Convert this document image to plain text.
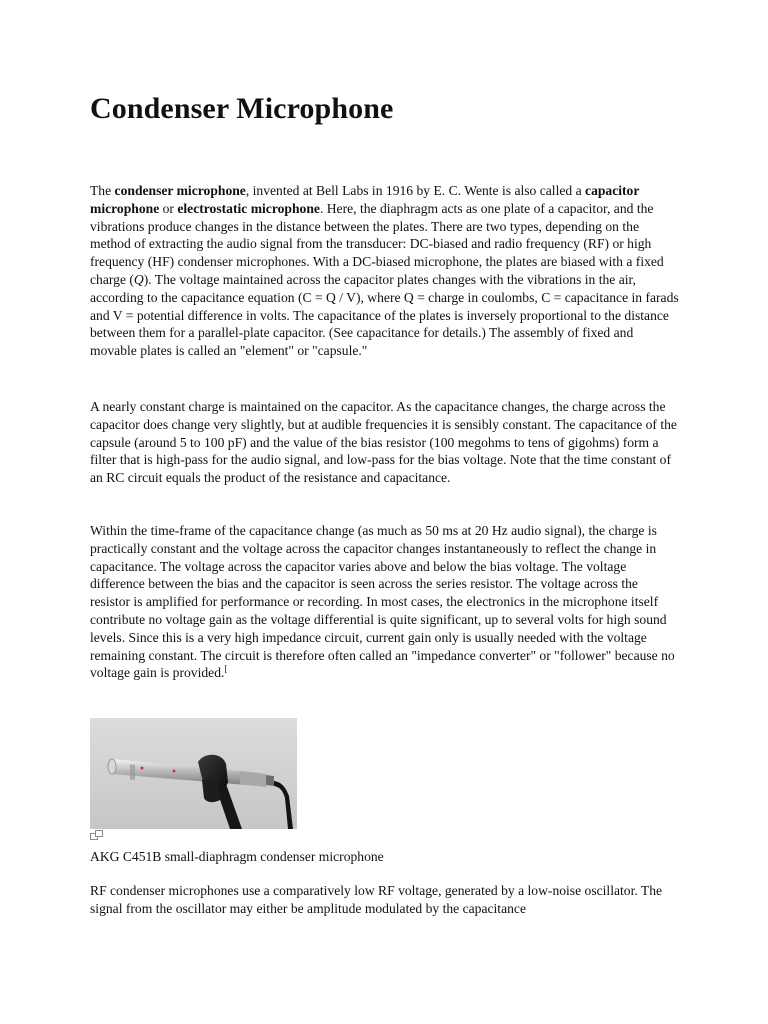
Condenser Microphone

The condenser microphone, invented at Bell Labs in 1916 by E. C. Wente is also called a capacitor microphone or electrostatic microphone. Here, the diaphragm acts as one plate of a capacitor, and the vibrations produce changes in the distance between the plates. There are two types, depending on the method of extracting the audio signal from the transducer: DC-biased and radio frequency (RF) or high frequency (HF) condenser microphones. With a DC-biased microphone, the plates are biased with a fixed charge (Q). The voltage maintained across the capacitor plates changes with the vibrations in the air, according to the capacitance equation (C = Q / V), where Q = charge in coulombs, C = capacitance in farads and V = potential difference in volts. The capacitance of the plates is inversely proportional to the distance between them for a parallel-plate capacitor. (See capacitance for details.) The assembly of fixed and movable plates is called an "element" or "capsule."

A nearly constant charge is maintained on the capacitor. As the capacitance changes, the charge across the capacitor does change very slightly, but at audible frequencies it is sensibly constant. The capacitance of the capsule (around 5 to 100 pF) and the value of the bias resistor (100 megohms to tens of gigohms) form a filter that is high-pass for the audio signal, and low-pass for the bias voltage. Note that the time constant of an RC circuit equals the product of the resistance and capacitance.

Within the time-frame of the capacitance change (as much as 50 ms at 20 Hz audio signal), the charge is practically constant and the voltage across the capacitor changes instantaneously to reflect the change in capacitance. The voltage across the capacitor varies above and below the bias voltage. The voltage difference between the bias and the capacitor is seen across the series resistor. The voltage across the resistor is amplified for performance or recording. In most cases, the electronics in the microphone itself contribute no voltage gain as the voltage differential is quite significant, up to several volts for high sound levels. Since this is a very high impedance circuit, current gain only is usually needed with the voltage remaining constant. The circuit is therefore often called an "impedance converter" or "follower" because no voltage gain is provided.[

AKG C451B small-diaphragm condenser microphone

RF condenser microphones use a comparatively low RF voltage, generated by a low-noise oscillator. The signal from the oscillator may either be amplitude modulated by the capacitance
